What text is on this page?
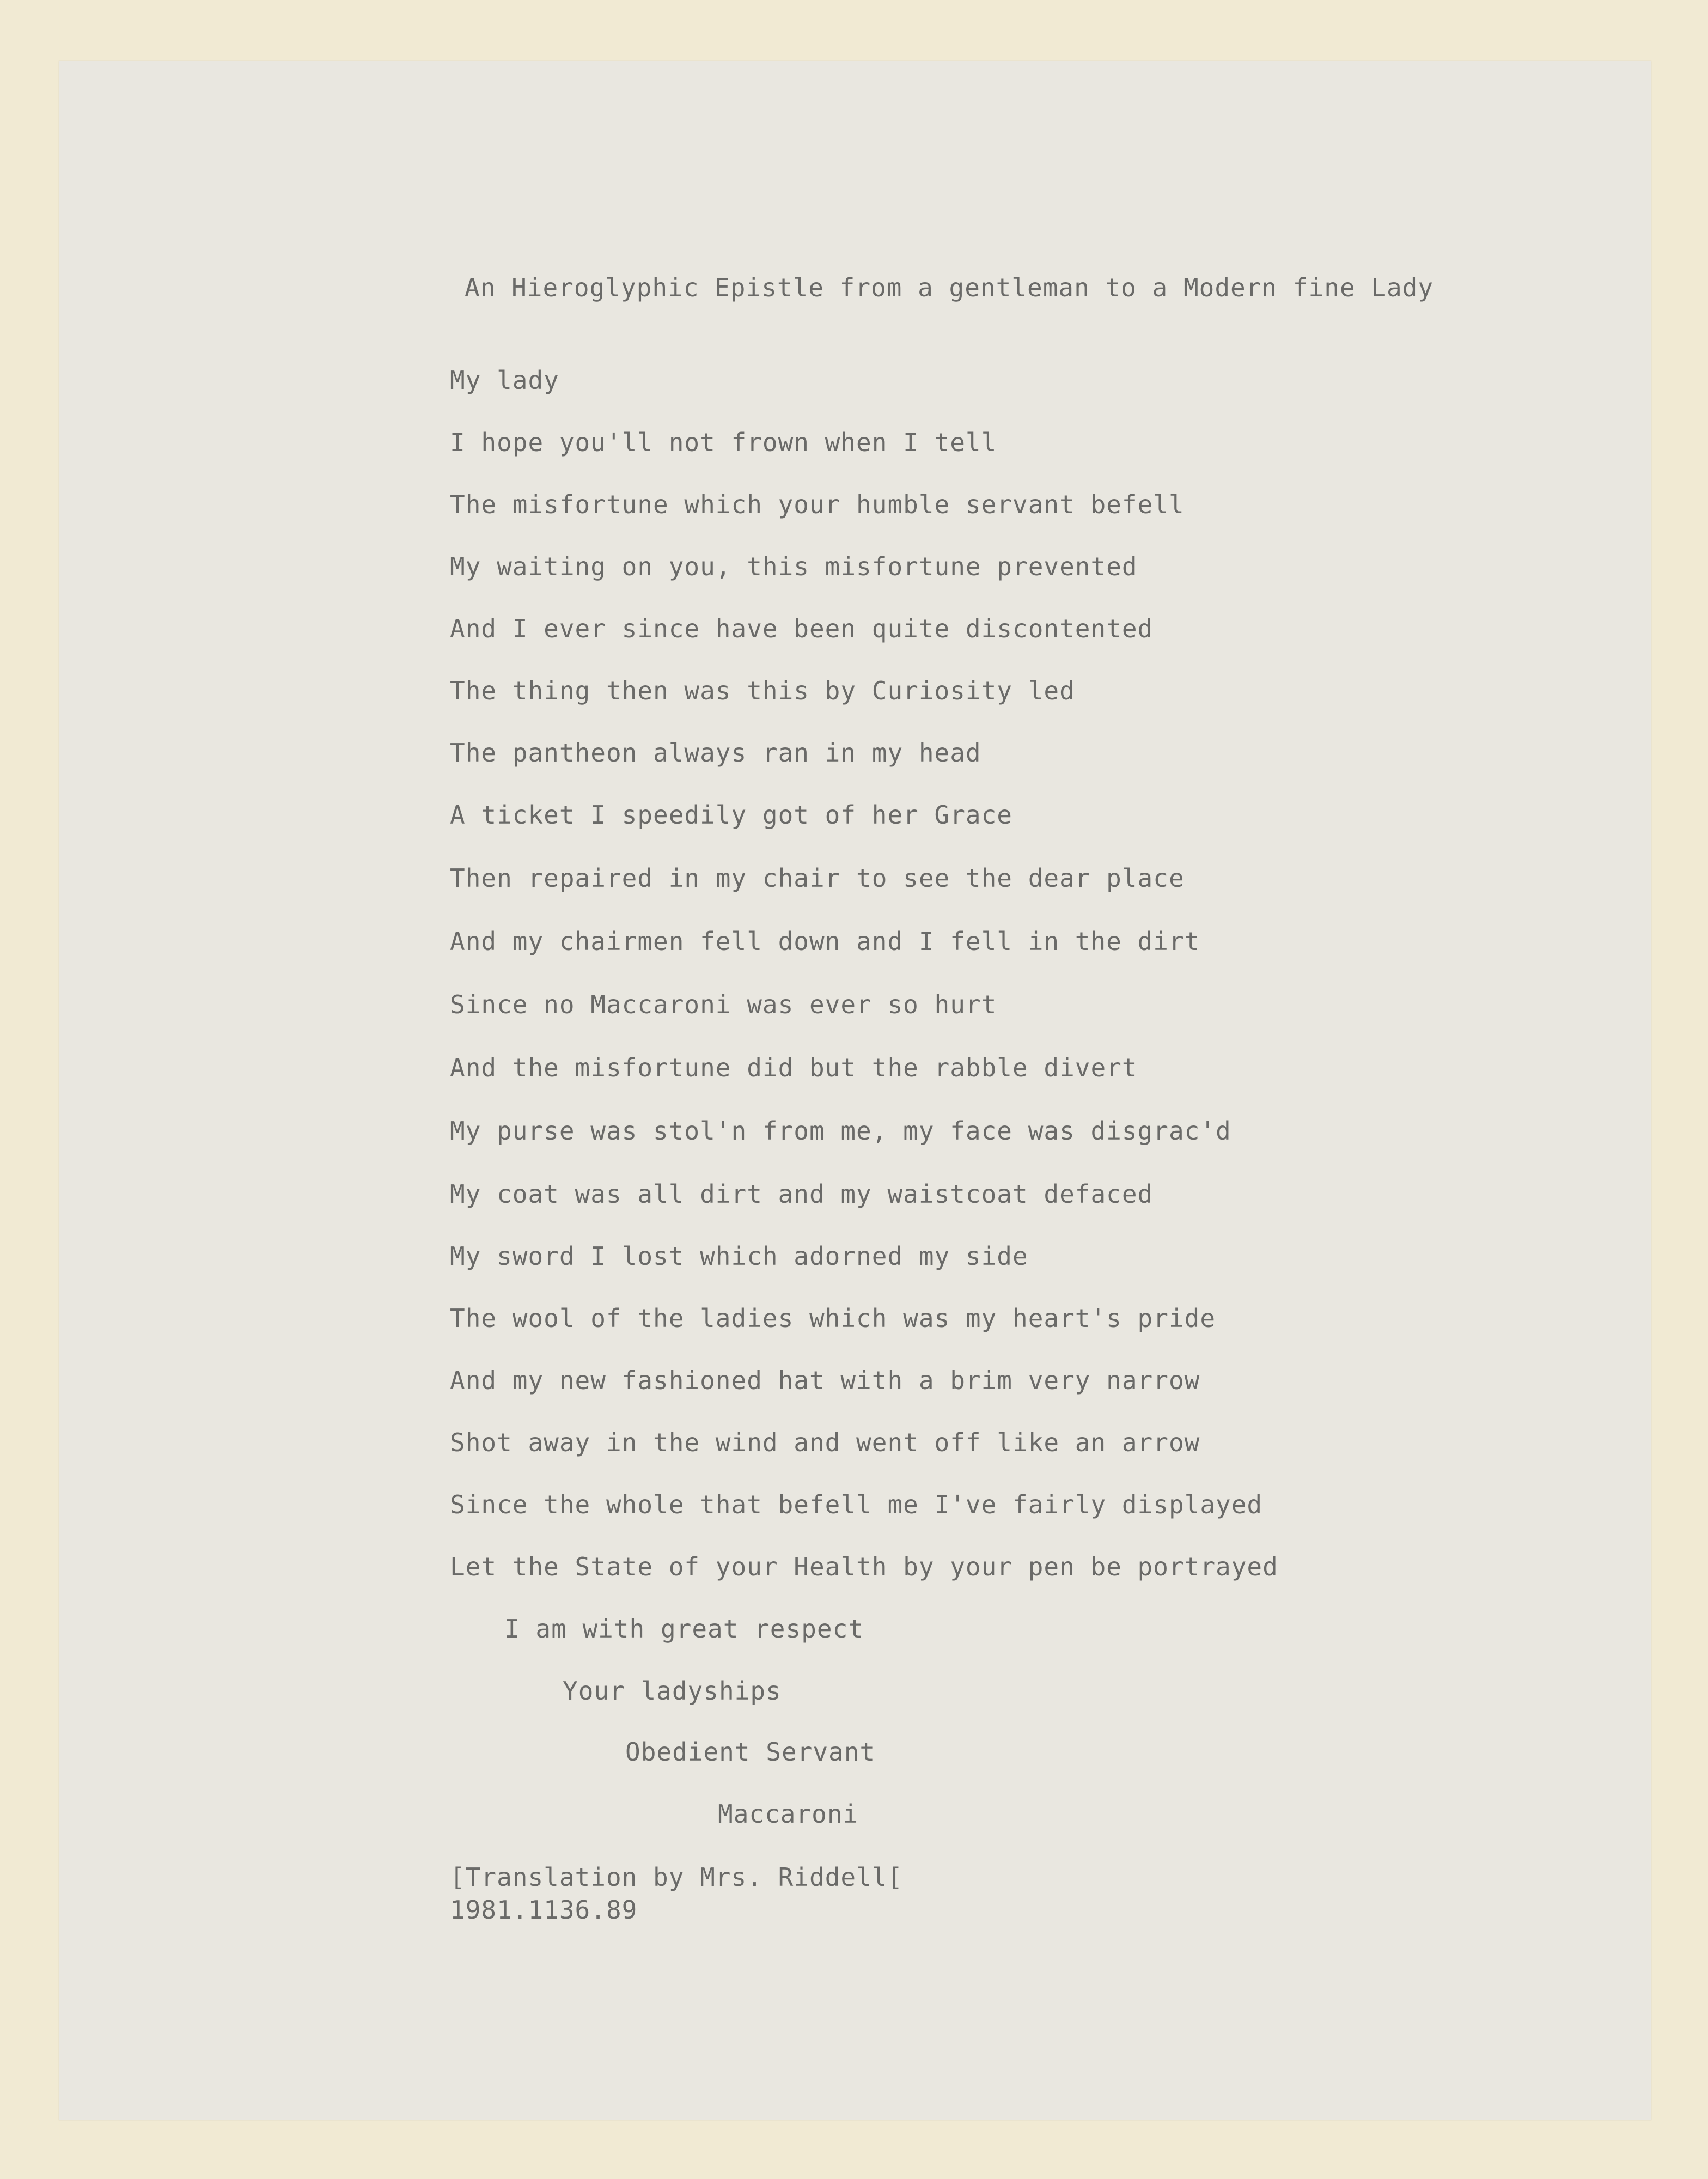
An Hieroglyphic Epistle from a gentleman to a Modern fine Lady
My lady
I hope you'll not frown when I tell
The misfortune which your humble servant befell
My waiting on you, this misfortune prevented
And I ever since have been quite discontented
The thing then was this by Curiosity led
The pantheon always ran in my head
A ticket I speedily got of her Grace
Then repaired in my chair to see the dear place
And my chairmen fell down and I fell in the dirt
Since no Maccaroni was ever so hurt
And the misfortune did but the rabble divert
My purse was stol'n from me, my face was disgrac'd
My coat was all dirt and my waistcoat defaced
My sword I lost which adorned my side
The wool of the ladies which was my heart's pride
And my new fashioned hat with a brim very narrow
Shot away in the wind and went off like an arrow
Since the whole that befell me I've fairly displayed
Let the State of your Health by your pen be portrayed
I am with great respect
Your ladyships
Obedient Servant
Maccaroni
[Translation by Mrs. Riddell[
1981.1136.89
